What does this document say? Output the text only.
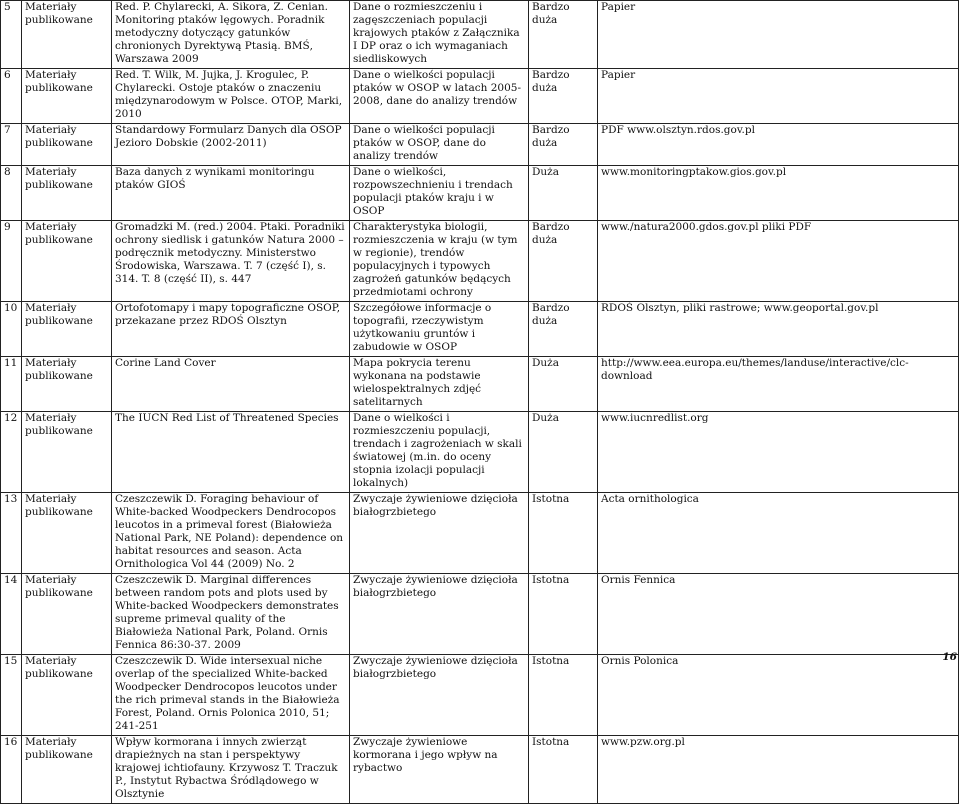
5	Materiały publikowane	Red. P. Chylarecki, A. Sikora, Z. Cenian. Monitoring ptaków lęgowych. Poradnik metodyczny dotyczący gatunków chronionych Dyrektywą Ptasią. BMŚ, Warszawa 2009	Dane o rozmieszczeniu i zagęszczeniach populacji krajowych ptaków z Załącznika I DP oraz o ich wymaganiach siedliskowych	Bardzo duża	Papier
6	Materiały publikowane	Red. T. Wilk, M. Jujka, J. Krogulec, P. Chylarecki. Ostoje ptaków o znaczeniu międzynarodowym w Polsce. OTOP, Marki, 2010	Dane o wielkości populacji ptaków w OSOP w latach 2005-2008, dane do analizy trendów	Bardzo duża	Papier
7	Materiały publikowane	Standardowy Formularz Danych dla OSOP Jezioro Dobskie (2002-2011)	Dane o wielkości populacji ptaków w OSOP, dane do analizy trendów	Bardzo duża	PDF www.olsztyn.rdos.gov.pl
8	Materiały publikowane	Baza danych z wynikami monitoringu ptaków GIOŚ	Dane o wielkości, rozpowszechnieniu i trendach populacji ptaków kraju i w OSOP	Duża	www.monitoringptakow.gios.gov.pl
9	Materiały publikowane	Gromadzki M. (red.) 2004. Ptaki. Poradniki ochrony siedlisk i gatunków Natura 2000 – podręcznik metodyczny. Ministerstwo Środowiska, Warszawa. T. 7 (część I), s. 314. T. 8 (część II), s. 447	Charakterystyka biologii, rozmieszczenia w kraju (w tym w regionie), trendów populacyjnych i typowych zagrożeń gatunków będących przedmiotami ochrony	Bardzo duża	www./natura2000.gdos.gov.pl pliki PDF
10	Materiały publikowane	Ortofotomapy i mapy topograficzne OSOP, przekazane przez RDOŚ Olsztyn	Szczegółowe informacje o topografii, rzeczywistym użytkowaniu gruntów i zabudowie w OSOP	Bardzo duża	RDOŚ Olsztyn, pliki rastrowe; www.geoportal.gov.pl
11	Materiały publikowane	Corine Land Cover	Mapa pokrycia terenu wykonana na podstawie wielospektralnych zdjęć satelitarnych	Duża	http://www.eea.europa.eu/themes/landuse/interactive/clc-download
12	Materiały publikowane	The IUCN Red List of Threatened Species	Dane o wielkości i rozmieszczeniu populacji, trendach i zagrożeniach w skali światowej (m.in. do oceny stopnia izolacji populacji lokalnych)	Duża	www.iucnredlist.org
13	Materiały publikowane	Czeszczewik D. Foraging behaviour of White-backed Woodpeckers Dendrocopos leucotos in a primeval forest (Białowieża National Park, NE Poland): dependence on habitat resources and season. Acta Ornithologica Vol 44 (2009) No. 2	Zwyczaje żywieniowe dzięcioła białogrzbietego	Istotna	Acta ornithologica
14	Materiały publikowane	Czeszczewik D. Marginal differences between random pots and plots used by White-backed Woodpeckers demonstrates supreme primeval quality of the Białowieża National Park, Poland. Ornis Fennica 86:30-37. 2009	Zwyczaje żywieniowe dzięcioła białogrzbietego	Istotna	Ornis Fennica
15	Materiały publikowane	Czeszczewik D. Wide intersexual niche overlap of the specialized White-backed Woodpecker Dendrocopos leucotos under the rich primeval stands in the Białowieża Forest, Poland. Ornis Polonica 2010, 51; 241-251	Zwyczaje żywieniowe dzięcioła białogrzbietego	Istotna	Ornis Polonica
16	Materiały publikowane	Wpływ kormorana i innych zwierząt drapieżnych na stan i perspektywy krajowej ichtiofauny. Krzywosz T. Traczuk P., Instytut Rybactwa Śródlądowego w Olsztynie	Zwyczaje żywieniowe kormorana i jego wpływ na rybactwo	Istotna	www.pzw.org.pl
16
